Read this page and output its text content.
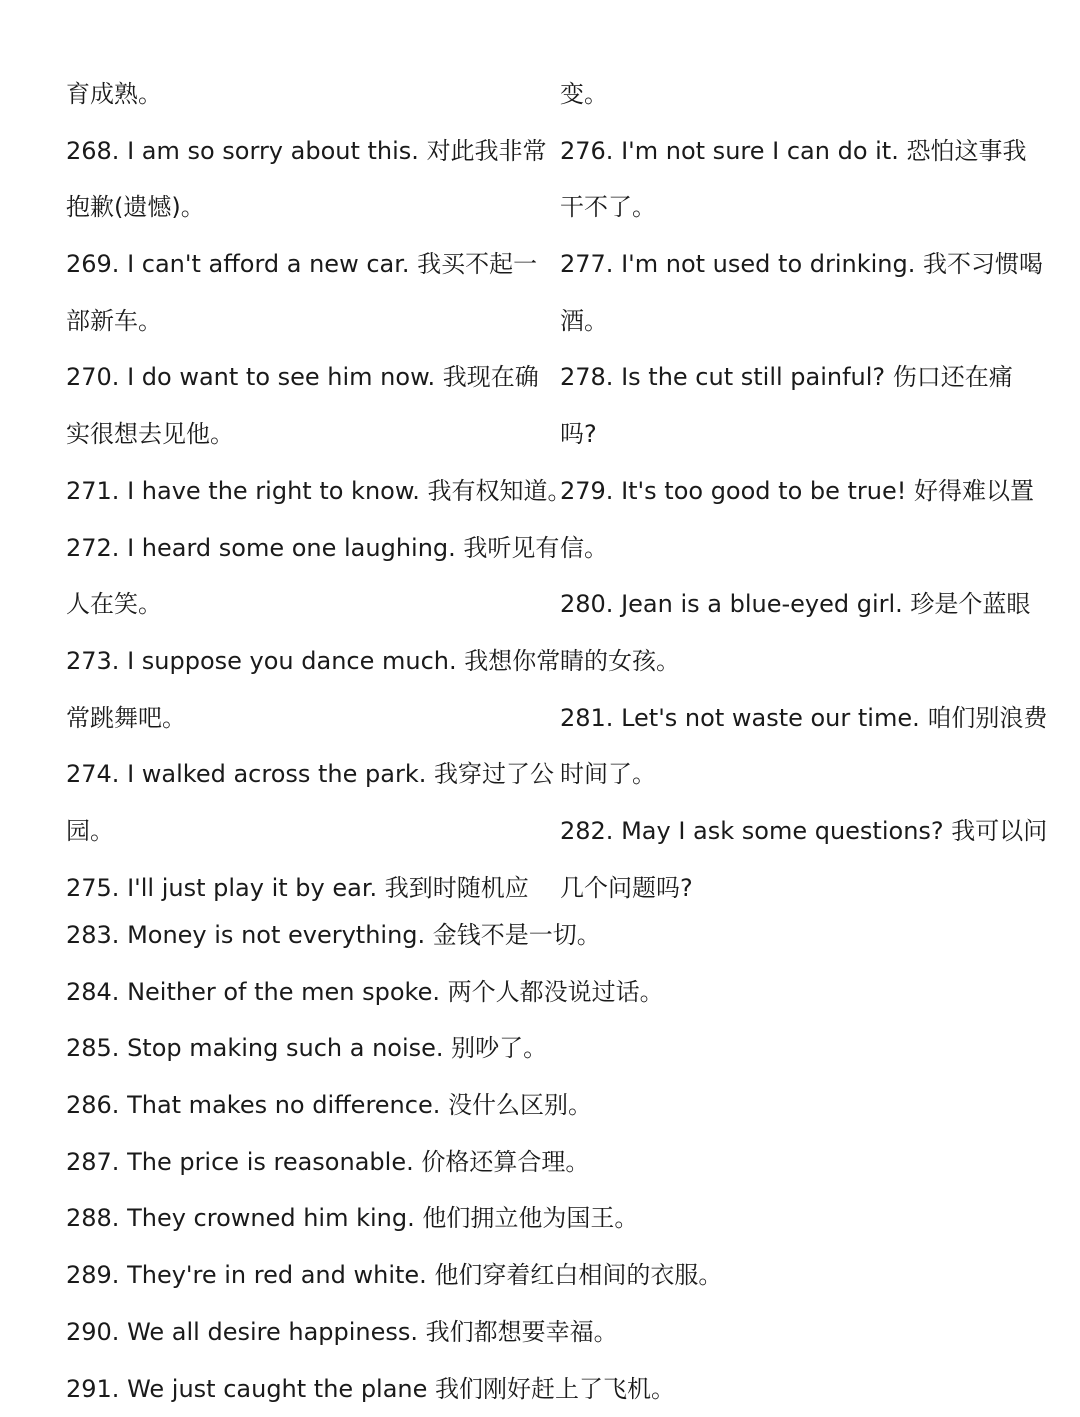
育成熟。
268. I am so sorry about this. 对此我非常
抱歉(遗憾)。
269. I can't afford a new car. 我买不起一
部新车。
270. I do want to see him now. 我现在确
实很想去见他。
271. I have the right to know. 我有权知道。
272. I heard some one laughing. 我听见有
人在笑。
273. I suppose you dance much. 我想你常
常跳舞吧。
274. I walked across the park. 我穿过了公
园。
275. I'll just play it by ear. 我到时随机应
变。
276. I'm not sure I can do it. 恐怕这事我
干不了。
277. I'm not used to drinking. 我不习惯喝
酒。
278. Is the cut still painful? 伤口还在痛
吗?
279. It's too good to be true! 好得难以置
信。
280. Jean is a blue-eyed girl. 珍是个蓝眼
睛的女孩。
281. Let's not waste our time. 咱们别浪费
时间了。
282. May I ask some questions? 我可以问
几个问题吗?
283. Money is not everything. 金钱不是一切。
284. Neither of the men spoke. 两个人都没说过话。
285. Stop making such a noise. 别吵了。
286. That makes no difference. 没什么区别。
287. The price is reasonable. 价格还算合理。
288. They crowned him king. 他们拥立他为国王。
289. They're in red and white. 他们穿着红白相间的衣服。
290. We all desire happiness. 我们都想要幸福。
291. We just caught the plane 我们刚好赶上了飞机。
